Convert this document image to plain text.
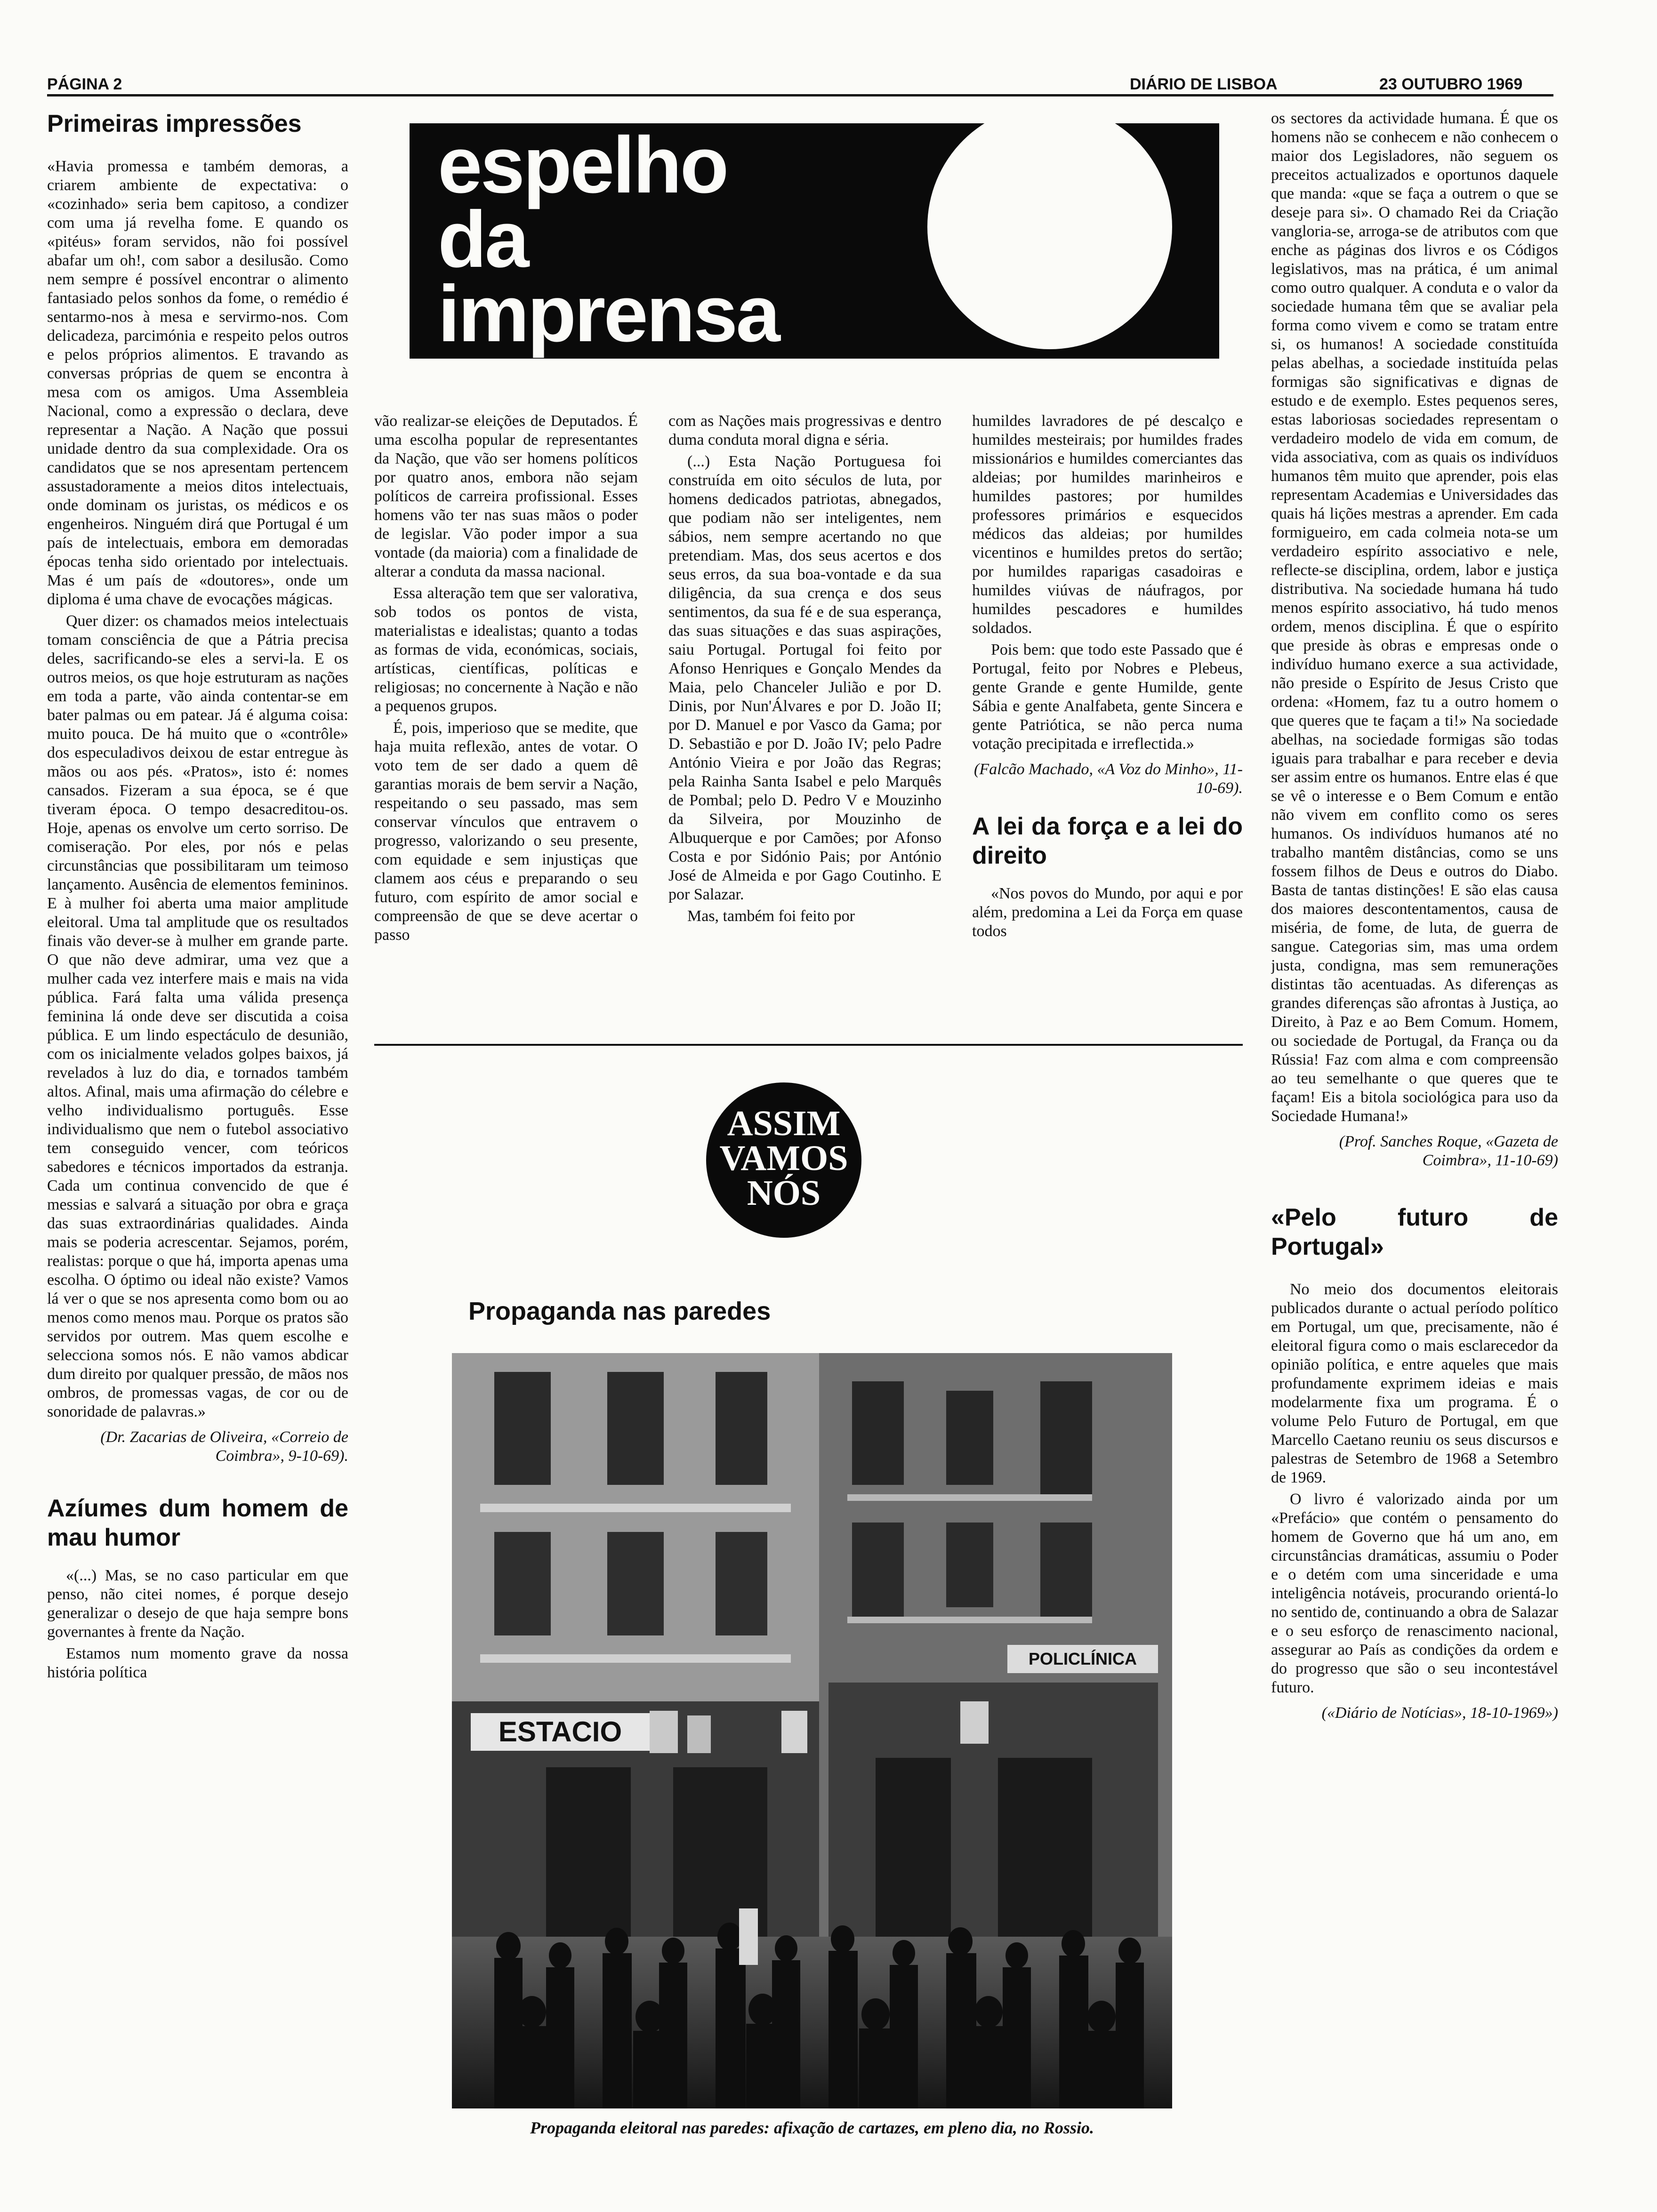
PÁGINA 2	DIÁRIO DE LISBOA	23 OUTUBRO 1969
espelho
da
imprensa
Primeiras impressões

«Havia promessa e também demoras, a criarem ambiente de expectativa: o «cozinhado» seria bem capitoso, a condizer com uma já revelha fome. E quando os «pitéus» foram servidos, não foi possível abafar um oh!, com sabor a desilusão. Como nem sempre é possível encontrar o alimento fantasiado pelos sonhos da fome, o remédio é sentarmo-nos à mesa e servirmo-nos. Com delicadeza, parcimónia e respeito pelos outros e pelos próprios alimentos. E travando as conversas próprias de quem se encontra à mesa com os amigos. Uma Assembleia Nacional, como a expressão o declara, deve representar a Nação. A Nação que possui unidade dentro da sua complexidade. Ora os candidatos que se nos apresentam pertencem assustadoramente a meios ditos intelectuais, onde dominam os juristas, os médicos e os engenheiros. Ninguém dirá que Portugal é um país de intelectuais, embora em demoradas épocas tenha sido orientado por intelectuais. Mas é um país de «doutores», onde um diploma é uma chave de evocações mágicas.

Quer dizer: os chamados meios intelectuais tomam consciência de que a Pátria precisa deles, sacrificando-se eles a servi-la. E os outros meios, os que hoje estruturam as nações em toda a parte, vão ainda contentar-se em bater palmas ou em patear. Já é alguma coisa: muito pouca. De há muito que o «contrôle» dos especuladivos deixou de estar entregue às mãos ou aos pés. «Pratos», isto é: nomes cansados. Fizeram a sua época, se é que tiveram época. O tempo desacreditou-os. Hoje, apenas os envolve um certo sorriso. De comiseração. Por eles, por nós e pelas circunstâncias que possibilitaram um teimoso lançamento. Ausência de elementos femininos. E à mulher foi aberta uma maior amplitude eleitoral. Uma tal amplitude que os resultados finais vão dever-se à mulher em grande parte. O que não deve admirar, uma vez que a mulher cada vez interfere mais e mais na vida pública. Fará falta uma válida presença feminina lá onde deve ser discutida a coisa pública. E um lindo espectáculo de desunião, com os inicialmente velados golpes baixos, já revelados à luz do dia, e tornados também altos. Afinal, mais uma afirmação do célebre e velho individualismo português. Esse individualismo que nem o futebol associativo tem conseguido vencer, com teóricos sabedores e técnicos importados da estranja. Cada um continua convencido de que é messias e salvará a situação por obra e graça das suas extraordinárias qualidades. Ainda mais se poderia acrescentar. Sejamos, porém, realistas: porque o que há, importa apenas uma escolha. O óptimo ou ideal não existe? Vamos lá ver o que se nos apresenta como bom ou ao menos como menos mau. Porque os pratos são servidos por outrem. Mas quem escolhe e selecciona somos nós. E não vamos abdicar dum direito por qualquer pressão, de mãos nos ombros, de promessas vagas, de cor ou de sonoridade de palavras.»

(Dr. Zacarias de Oliveira, «Correio de Coimbra», 9-10-69).
Azíumes dum homem de mau humor

«(...) Mas, se no caso particular em que penso, não citei nomes, é porque desejo generalizar o desejo de que haja sempre bons governantes à frente da Nação.

Estamos num momento grave da nossa história política

vão realizar-se eleições de Deputados. É uma escolha popular de representantes da Nação, que vão ser homens políticos por quatro anos, embora não sejam políticos de carreira profissional. Esses homens vão ter nas suas mãos o poder de legislar. Vão poder impor a sua vontade (da maioria) com a finalidade de alterar a conduta da massa nacional.

Essa alteração tem que ser valorativa, sob todos os pontos de vista, materialistas e idealistas; quanto a todas as formas de vida, económicas, sociais, artísticas, científicas, políticas e religiosas; no concernente à Nação e não a pequenos grupos.

É, pois, imperioso que se medite, que haja muita reflexão, antes de votar. O voto tem de ser dado a quem dê garantias morais de bem servir a Nação, respeitando o seu passado, mas sem conservar vínculos que entravem o progresso, valorizando o seu presente, com equidade e sem injustiças que clamem aos céus e preparando o seu futuro, com espírito de amor social e compreensão de que se deve acertar o passo

com as Nações mais progressivas e dentro duma conduta moral digna e séria.

(...) Esta Nação Portuguesa foi construída em oito séculos de luta, por homens dedicados patriotas, abnegados, que podiam não ser inteligentes, nem sábios, nem sempre acertando no que pretendiam. Mas, dos seus acertos e dos seus erros, da sua boa-vontade e da sua diligência, da sua crença e dos seus sentimentos, da sua fé e de sua esperança, das suas situações e das suas aspirações, saiu Portugal. Portugal foi feito por Afonso Henriques e Gonçalo Mendes da Maia, pelo Chanceler Julião e por D. Dinis, por Nun'Álvares e por D. João II; por D. Manuel e por Vasco da Gama; por D. Sebastião e por D. João IV; pelo Padre António Vieira e por João das Regras; pela Rainha Santa Isabel e pelo Marquês de Pombal; pelo D. Pedro V e Mouzinho da Silveira, por Mouzinho de Albuquerque e por Camões; por Afonso Costa e por Sidónio Pais; por António José de Almeida e por Gago Coutinho. E por Salazar.

Mas, também foi feito por

humildes lavradores de pé descalço e humildes mesteirais; por humildes frades missionários e humildes comerciantes das aldeias; por humildes marinheiros e humildes pastores; por humildes professores primários e esquecidos médicos das aldeias; por humildes vicentinos e humildes pretos do sertão; por humildes raparigas casadoiras e humildes viúvas de náufragos, por humildes pescadores e humildes soldados.

Pois bem: que todo este Passado que é Portugal, feito por Nobres e Plebeus, gente Grande e gente Humilde, gente Sábia e gente Analfabeta, gente Sincera e gente Patriótica, se não perca numa votação precipitada e irreflectida.»

(Falcão Machado, «A Voz do Minho», 11-10-69).
A lei da força e a lei do direito

«Nos povos do Mundo, por aqui e por além, predomina a Lei da Força em quase todos

os sectores da actividade humana. É que os homens não se conhecem e não conhecem o maior dos Legisladores, não seguem os preceitos actualizados e oportunos daquele que manda: «que se faça a outrem o que se deseje para si». O chamado Rei da Criação vangloria-se, arroga-se de atributos com que enche as páginas dos livros e os Códigos legislativos, mas na prática, é um animal como outro qualquer. A conduta e o valor da sociedade humana têm que se avaliar pela forma como vivem e como se tratam entre si, os humanos! A sociedade constituída pelas abelhas, a sociedade instituída pelas formigas são significativas e dignas de estudo e de exemplo. Estes pequenos seres, estas laboriosas sociedades representam o verdadeiro modelo de vida em comum, de vida associativa, com as quais os indivíduos humanos têm muito que aprender, pois elas representam Academias e Universidades das quais há lições mestras a aprender. Em cada formigueiro, em cada colmeia nota-se um verdadeiro espírito associativo e nele, reflecte-se disciplina, ordem, labor e justiça distributiva. Na sociedade humana há tudo menos espírito associativo, há tudo menos ordem, menos disciplina. É que o espírito que preside às obras e empresas onde o indivíduo humano exerce a sua actividade, não preside o Espírito de Jesus Cristo que ordena: «Homem, faz tu a outro homem o que queres que te façam a ti!» Na sociedade abelhas, na sociedade formigas são todas iguais para trabalhar e para receber e devia ser assim entre os humanos. Entre elas é que se vê o interesse e o Bem Comum e então não vivem em conflito como os seres humanos. Os indivíduos humanos até no trabalho mantêm distâncias, como se uns fossem filhos de Deus e outros do Diabo. Basta de tantas distinções! E são elas causa dos maiores descontentamentos, causa de miséria, de fome, de luta, de guerra de sangue. Categorias sim, mas uma ordem justa, condigna, mas sem remunerações distintas tão acentuadas. As diferenças as grandes diferenças são afrontas à Justiça, ao Direito, à Paz e ao Bem Comum. Homem, ou sociedade de Portugal, da França ou da Rússia! Faz com alma e com compreensão ao teu semelhante o que queres que te façam! Eis a bitola sociológica para uso da Sociedade Humana!»

(Prof. Sanches Roque, «Gazeta de Coimbra», 11-10-69)
«Pelo futuro de Portugal»

No meio dos documentos eleitorais publicados durante o actual período político em Portugal, um que, precisamente, não é eleitoral figura como o mais esclarecedor da opinião política, e entre aqueles que mais profundamente exprimem ideias e mais modelarmente fixa um programa. É o volume Pelo Futuro de Portugal, em que Marcello Caetano reuniu os seus discursos e palestras de Setembro de 1968 a Setembro de 1969.

O livro é valorizado ainda por um «Prefácio» que contém o pensamento do homem de Governo que há um ano, em circunstâncias dramáticas, assumiu o Poder e o detém com uma sinceridade e uma inteligência notáveis, procurando orientá-lo no sentido de, continuando a obra de Salazar e o seu esforço de renascimento nacional, assegurar ao País as condições da ordem e do progresso que são o seu incontestável futuro.

(«Diário de Notícias», 18-10-1969»)
ASSIM
VAMOS
NÓS
Propaganda nas paredes
ESTACIO
POLICLÍNICA
Propaganda eleitoral nas paredes: afixação de cartazes, em pleno dia, no Rossio.
